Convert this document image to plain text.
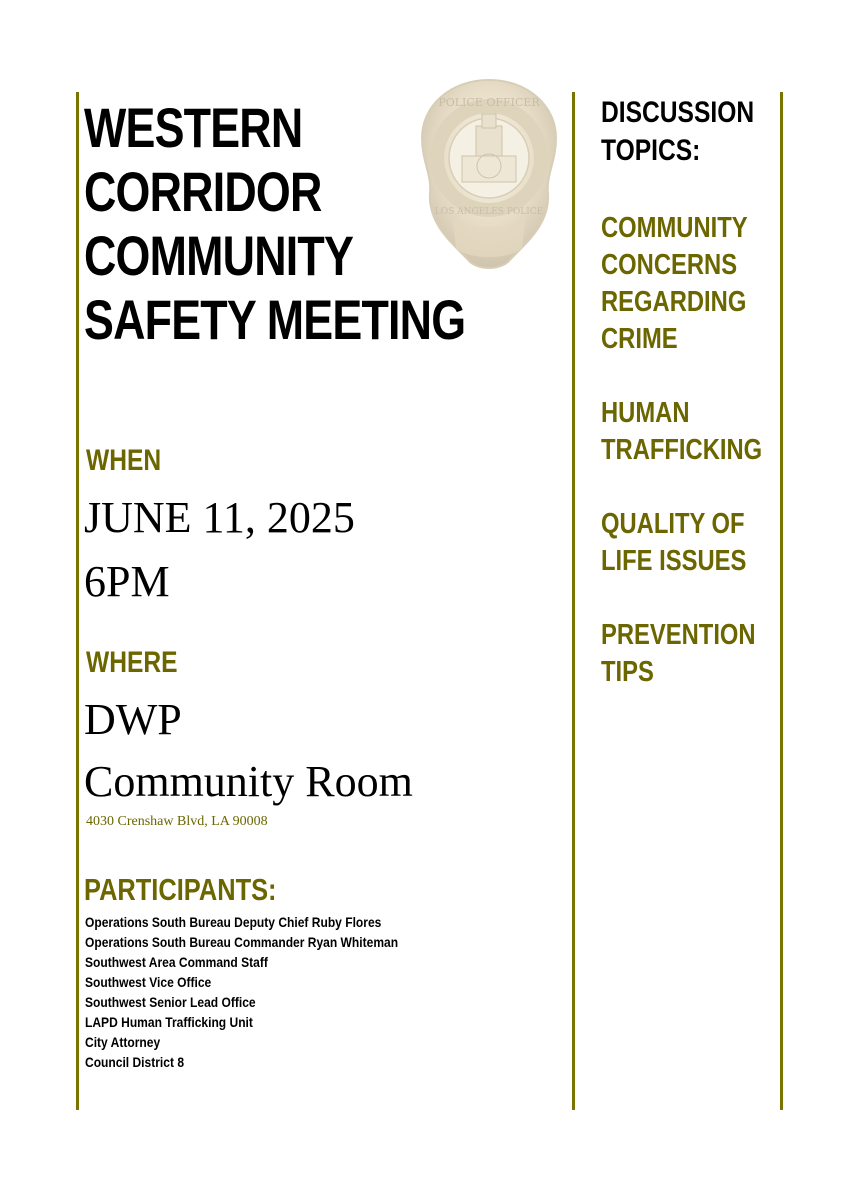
POLICE OFFICER
LOS ANGELES POLICE
WESTERN
CORRIDOR
COMMUNITY
SAFETY MEETING
WHEN
JUNE 11, 2025
6PM
WHERE
DWP
Community Room
4030 Crenshaw Blvd, LA 90008
PARTICIPANTS:
Operations South Bureau Deputy Chief Ruby Flores
Operations South Bureau Commander Ryan Whiteman
Southwest Area Command Staff
Southwest Vice Office
Southwest Senior Lead Office
LAPD Human Trafficking Unit
City Attorney
Council District 8
DISCUSSION
TOPICS:
COMMUNITY
CONCERNS
REGARDING
CRIME
HUMAN
TRAFFICKING
QUALITY OF
LIFE ISSUES
PREVENTION
TIPS
